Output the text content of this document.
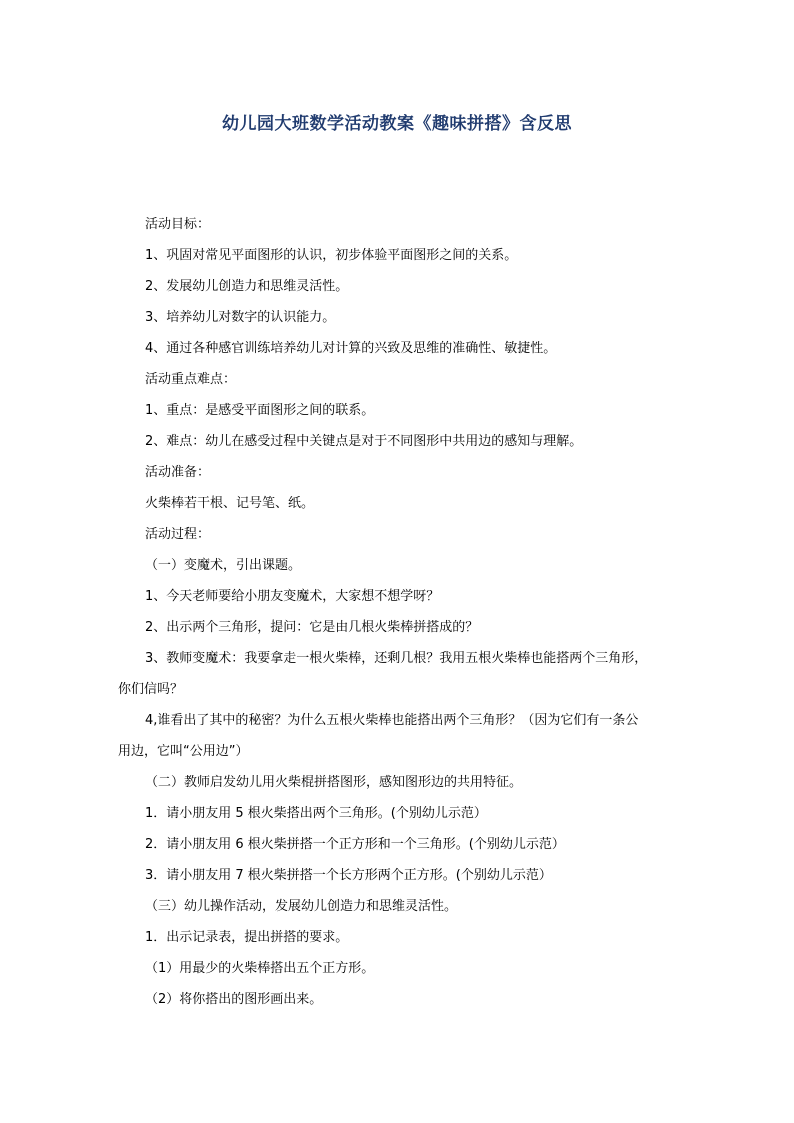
幼儿园大班数学活动教案《趣味拼搭》含反思
活动目标：
1、巩固对常见平面图形的认识，初步体验平面图形之间的关系。
2、发展幼儿创造力和思维灵活性。
3、培养幼儿对数字的认识能力。
4、通过各种感官训练培养幼儿对计算的兴致及思维的准确性、敏捷性。
活动重点难点：
1、重点：是感受平面图形之间的联系。
2、难点：幼儿在感受过程中关键点是对于不同图形中共用边的感知与理解。
活动准备：
火柴棒若干根、记号笔、纸。
活动过程：
（一）变魔术，引出课题。
1、今天老师要给小朋友变魔术，大家想不想学呀？
2、出示两个三角形，提问：它是由几根火柴棒拼搭成的？
3、教师变魔术：我要拿走一根火柴棒，还剩几根？我用五根火柴棒也能搭两个三角形，
你们信吗？
4,谁看出了其中的秘密？为什么五根火柴棒也能搭出两个三角形？（因为它们有一条公
用边，它叫“公用边”）
（二）教师启发幼儿用火柴棍拼搭图形，感知图形边的共用特征。
1．请小朋友用 5 根火柴搭出两个三角形。(个别幼儿示范）
2．请小朋友用 6 根火柴拼搭一个正方形和一个三角形。(个别幼儿示范）
3．请小朋友用 7 根火柴拼搭一个长方形两个正方形。(个别幼儿示范）
（三）幼儿操作活动，发展幼儿创造力和思维灵活性。
1．出示记录表，提出拼搭的要求。
（1）用最少的火柴棒搭出五个正方形。
（2）将你搭出的图形画出来。
